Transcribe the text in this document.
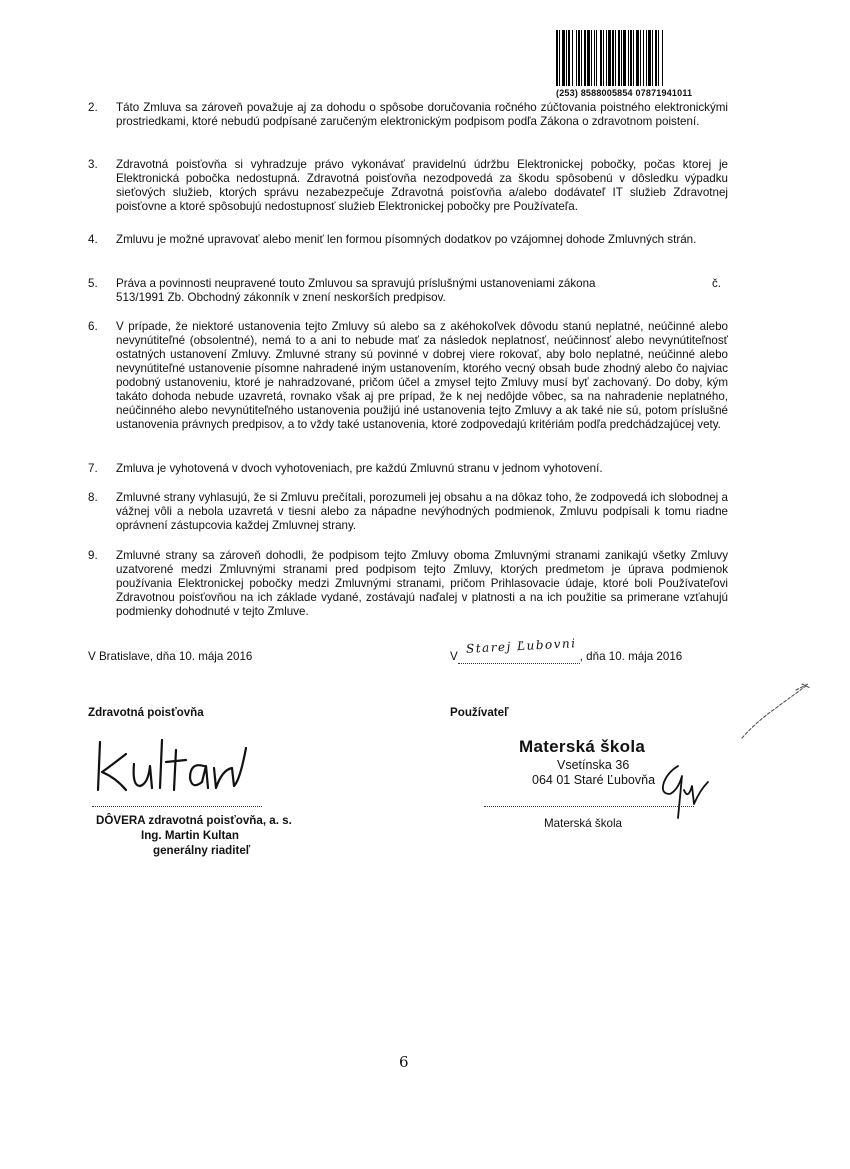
(253) 8588005854 07871941011
2.	Táto Zmluva sa zároveň považuje aj za dohodu o spôsobe doručovania ročného zúčtovania poistného elektronickými prostriedkami, ktoré nebudú podpísané zaručeným elektronickým podpisom podľa Zákona o zdravotnom poistení.
3.	Zdravotná poisťovňa si vyhradzuje právo vykonávať pravidelnú údržbu Elektronickej pobočky, počas ktorej je Elektronická pobočka nedostupná. Zdravotná poisťovňa nezodpovedá za škodu spôsobenú v dôsledku výpadku sieťových služieb, ktorých správu nezabezpečuje Zdravotná poisťovňa a/alebo dodávateľ IT služieb Zdravotnej poisťovne a ktoré spôsobujú nedostupnosť služieb Elektronickej pobočky pre Používateľa.
4.	Zmluvu je možné upravovať alebo meniť len formou písomných dodatkov po vzájomnej dohode Zmluvných strán.
5.	Práva a povinnosti neupravené touto Zmluvou sa spravujú príslušnými ustanoveniami zákona	č.

513/1991 Zb. Obchodný zákonník v znení neskorších predpisov.
6.	V prípade, že niektoré ustanovenia tejto Zmluvy sú alebo sa z akéhokoľvek dôvodu stanú neplatné, neúčinné alebo nevynútiteľné (obsolentné), nemá to a ani to nebude mať za následok neplatnosť, neúčinnosť alebo nevynútiteľnosť ostatných ustanovení Zmluvy. Zmluvné strany sú povinné v dobrej viere rokovať, aby bolo neplatné, neúčinné alebo nevynútiteľné ustanovenie písomne nahradené iným ustanovením, ktorého vecný obsah bude zhodný alebo čo najviac podobný ustanoveniu, ktoré je nahradzované, pričom účel a zmysel tejto Zmluvy musí byť zachovaný. Do doby, kým takáto dohoda nebude uzavretá, rovnako však aj pre prípad, že k nej nedôjde vôbec, sa na nahradenie neplatného, neúčinného alebo nevynútiteľného ustanovenia použijú iné ustanovenia tejto Zmluvy a ak také nie sú, potom príslušné ustanovenia právnych predpisov, a to vždy také ustanovenia, ktoré zodpovedajú kritériám podľa predchádzajúcej vety.
7.	Zmluva je vyhotovená v dvoch vyhotoveniach, pre každú Zmluvnú stranu v jednom vyhotovení.
8.	Zmluvné strany vyhlasujú, že si Zmluvu prečítali, porozumeli jej obsahu a na dôkaz toho, že zodpovedá ich slobodnej a vážnej vôli a nebola uzavretá v tiesni alebo za nápadne nevýhodných podmienok, Zmluvu podpísali k tomu riadne oprávnení zástupcovia každej Zmluvnej strany.
9.	Zmluvné strany sa zároveň dohodli, že podpisom tejto Zmluvy oboma Zmluvnými stranami zanikajú všetky Zmluvy uzatvorené medzi Zmluvnými stranami pred podpisom tejto Zmluvy, ktorých predmetom je úprava podmienok používania Elektronickej pobočky medzi Zmluvnými stranami, pričom Prihlasovacie údaje, ktoré boli Používateľovi Zdravotnou poisťovňou na ich základe vydané, zostávajú naďalej v platnosti a na ich použitie sa primerane vzťahujú podmienky dohodnuté v tejto Zmluve.
V Bratislave, dňa 10. mája 2016	V
Starej Ľubovni
, dňa 10. mája 2016
Zdravotná poisťovňa	Používateľ
DÔVERA zdravotná poisťovňa, a. s.
Ing. Martin Kultan
generálny riaditeľ
Materská škola
Vsetínska 36
064 01 Staré Ľubovňa
Materská škola
6
